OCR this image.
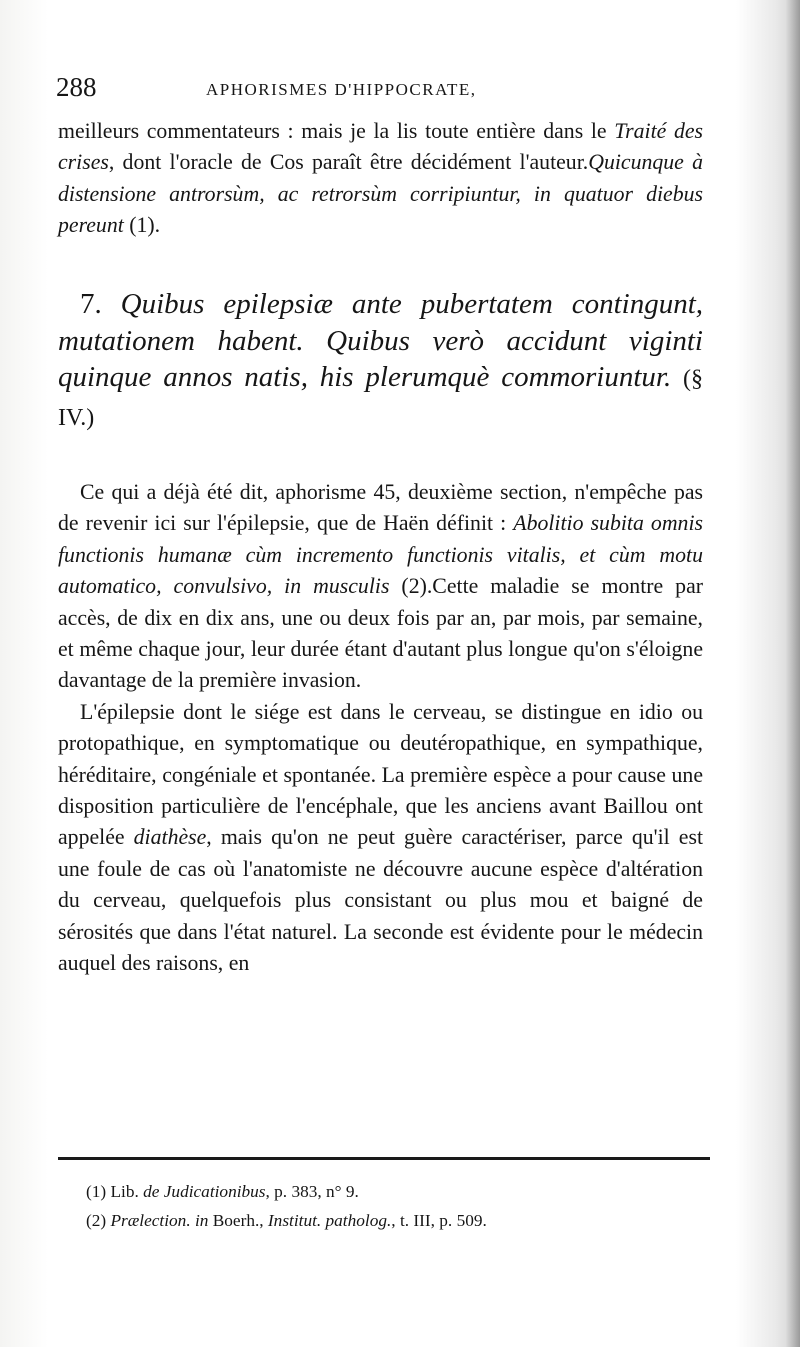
288	APHORISMES D'HIPPOCRATE,

meilleurs commentateurs : mais je la lis toute entière dans le Traité des crises, dont l'oracle de Cos paraît être décidément l'auteur.Quicunque à distensione antrorsùm, ac retrorsùm corripiuntur, in quatuor diebus pereunt (1).

7. Quibus epilepsiæ ante pubertatem contingunt, mutationem habent. Quibus verò accidunt viginti quinque annos natis, his plerumquè commoriuntur. (§ IV.)

Ce qui a déjà été dit, aphorisme 45, deuxième section, n'empêche pas de revenir ici sur l'épilepsie, que de Haën définit : Abolitio subita omnis functionis humanæ cùm incremento functionis vitalis, et cùm motu automatico, convulsivo, in musculis (2).Cette maladie se montre par accès, de dix en dix ans, une ou deux fois par an, par mois, par semaine, et même chaque jour, leur durée étant d'autant plus longue qu'on s'éloigne davantage de la première invasion.

L'épilepsie dont le siége est dans le cerveau, se distingue en idio ou protopathique, en symptomatique ou deutéropathique, en sympathique, héréditaire, congéniale et spontanée. La première espèce a pour cause une disposition particulière de l'encéphale, que les anciens avant Baillou ont appelée diathèse, mais qu'on ne peut guère caractériser, parce qu'il est une foule de cas où l'anatomiste ne découvre aucune espèce d'altération du cerveau, quelquefois plus consistant ou plus mou et baigné de sérosités que dans l'état naturel. La seconde est évidente pour le médecin auquel des raisons, en

(1) Lib. de Judicationibus, p. 383, n° 9.

(2) Prælection. in Boerh., Institut. patholog., t. III, p. 509.
